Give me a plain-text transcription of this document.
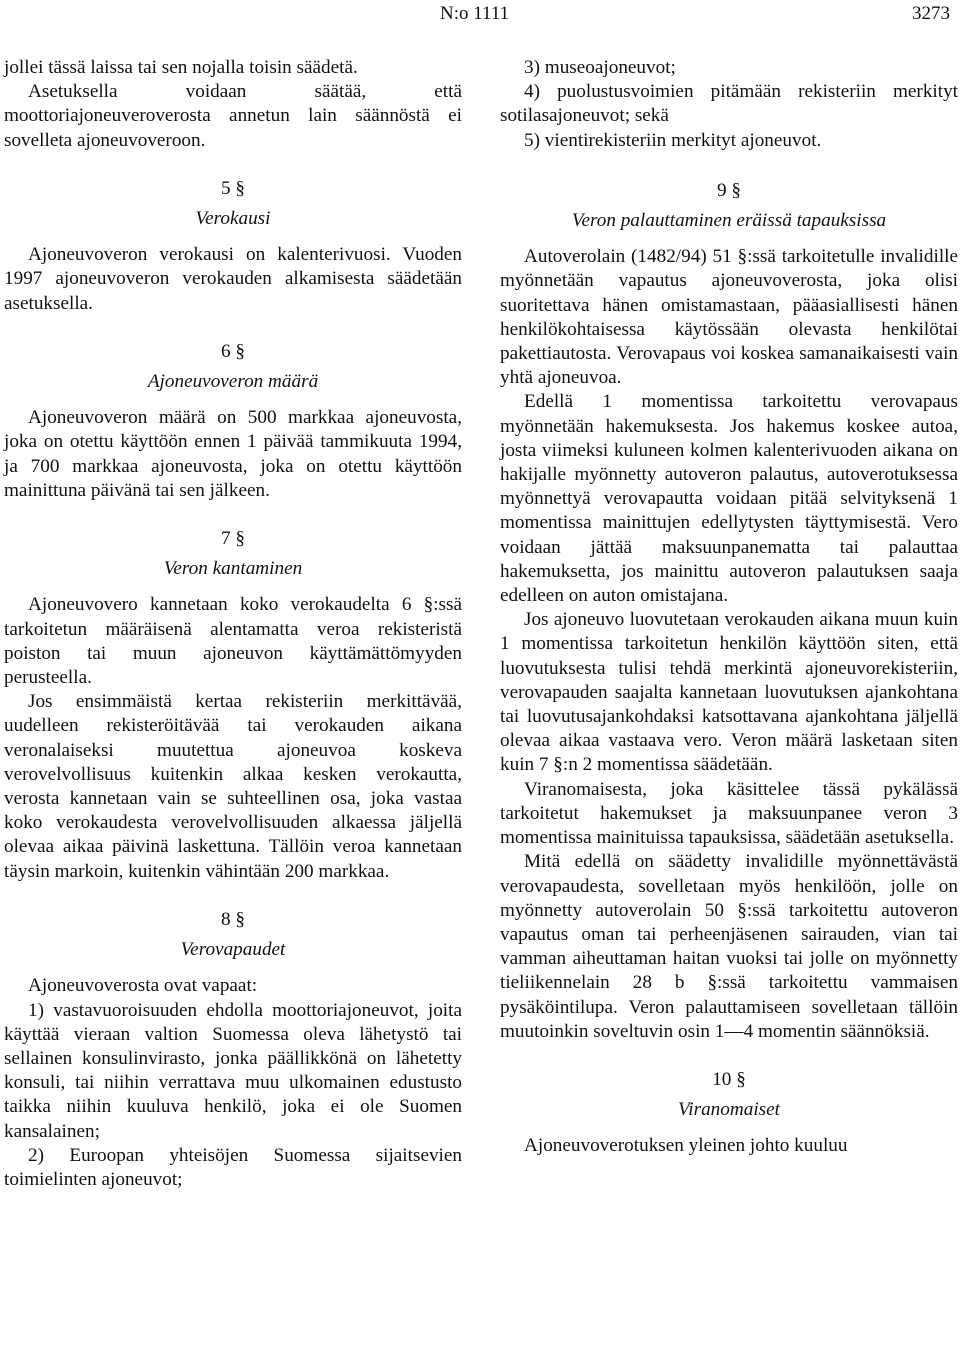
N:o 1111	3273

jollei tässä laissa tai sen nojalla toisin säädetä.

Asetuksella voidaan säätää, että moottoriajoneuveroverosta annetun lain säännöstä ei sovelleta ajoneuvoveroon.

5 §
Verokausi

Ajoneuvoveron verokausi on kalenterivuosi. Vuoden 1997 ajoneuvoveron verokauden alkamisesta säädetään asetuksella.

6 §
Ajoneuvoveron määrä

Ajoneuvoveron määrä on 500 markkaa ajoneuvosta, joka on otettu käyttöön ennen 1 päivää tammikuuta 1994, ja 700 markkaa ajoneuvosta, joka on otettu käyttöön mainittuna päivänä tai sen jälkeen.

7 §
Veron kantaminen

Ajoneuvovero kannetaan koko verokaudelta 6 §:ssä tarkoitetun määräisenä alentamatta veroa rekisteristä poiston tai muun ajoneuvon käyttämättömyyden perusteella.

Jos ensimmäistä kertaa rekisteriin merkittävää, uudelleen rekisteröitävää tai verokauden aikana veronalaiseksi muutettua ajoneuvoa koskeva verovelvollisuus kuitenkin alkaa kesken verokautta, verosta kannetaan vain se suhteellinen osa, joka vastaa koko verokaudesta verovelvollisuuden alkaessa jäljellä olevaa aikaa päivinä laskettuna. Tällöin veroa kannetaan täysin markoin, kuitenkin vähintään 200 markkaa.

8 §
Verovapaudet

Ajoneuvoverosta ovat vapaat:

1) vastavuoroisuuden ehdolla moottoriajoneuvot, joita käyttää vieraan valtion Suomessa oleva lähetystö tai sellainen konsulinvirasto, jonka päällikkönä on lähetetty konsuli, tai niihin verrattava muu ulkomainen edustusto taikka niihin kuuluva henkilö, joka ei ole Suomen kansalainen;

2) Euroopan yhteisöjen Suomessa sijaitsevien toimielinten ajoneuvot;

3) museoajoneuvot;

4) puolustusvoimien pitämään rekisteriin merkityt sotilasajoneuvot; sekä

5) vientirekisteriin merkityt ajoneuvot.

9 §
Veron palauttaminen eräissä tapauksissa

Autoverolain (1482/94) 51 §:ssä tarkoitetulle invalidille myönnetään vapautus ajoneuvoverosta, joka olisi suoritettava hänen omistamastaan, pääasiallisesti hänen henkilökohtaisessa käytössään olevasta henkilötai pakettiautosta. Verovapaus voi koskea samanaikaisesti vain yhtä ajoneuvoa.

Edellä 1 momentissa tarkoitettu verovapaus myönnetään hakemuksesta. Jos hakemus koskee autoa, josta viimeksi kuluneen kolmen kalenterivuoden aikana on hakijalle myönnetty autoveron palautus, autoverotuksessa myönnettyä verovapautta voidaan pitää selvityksenä 1 momentissa mainittujen edellytysten täyttymisestä. Vero voidaan jättää maksuunpanematta tai palauttaa hakemuksetta, jos mainittu autoveron palautuksen saaja edelleen on auton omistajana.

Jos ajoneuvo luovutetaan verokauden aikana muun kuin 1 momentissa tarkoitetun henkilön käyttöön siten, että luovutuksesta tulisi tehdä merkintä ajoneuvorekisteriin, verovapauden saajalta kannetaan luovutuksen ajankohtana tai luovutusajankohdaksi katsottavana ajankohtana jäljellä olevaa aikaa vastaava vero. Veron määrä lasketaan siten kuin 7 §:n 2 momentissa säädetään.

Viranomaisesta, joka käsittelee tässä pykälässä tarkoitetut hakemukset ja maksuunpanee veron 3 momentissa mainituissa tapauksissa, säädetään asetuksella.

Mitä edellä on säädetty invalidille myönnettävästä verovapaudesta, sovelletaan myös henkilöön, jolle on myönnetty autoverolain 50 §:ssä tarkoitettu autoveron vapautus oman tai perheenjäsenen sairauden, vian tai vamman aiheuttaman haitan vuoksi tai jolle on myönnetty tieliikennelain 28 b §:ssä tarkoitettu vammaisen pysäköintilupa. Veron palauttamiseen sovelletaan tällöin muutoinkin soveltuvin osin 1—4 momentin säännöksiä.

10 §
Viranomaiset

Ajoneuvoverotuksen yleinen johto kuuluu
